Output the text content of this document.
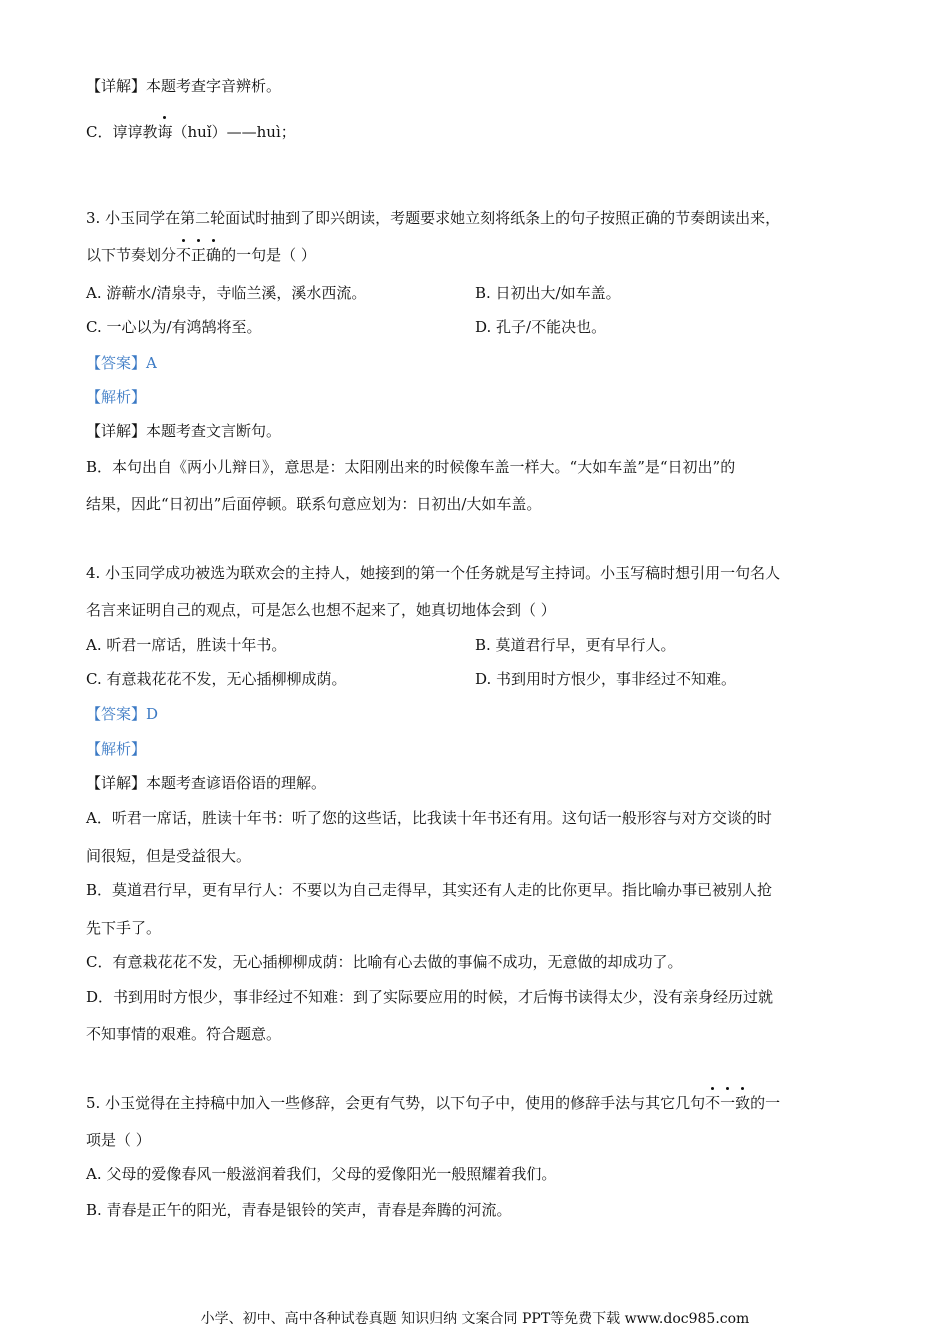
【详解】本题考查字音辨析。
C．谆谆教诲（huǐ）——huì；
3. 小玉同学在第二轮面试时抽到了即兴朗读，考题要求她立刻将纸条上的句子按照正确的节奏朗读出来，
以下节奏划分不正确的一句是（ ）
A. 游蕲水/清泉寺，寺临兰溪，溪水西流。	B. 日初出大/如车盖。
C. 一心以为/有鸿鹄将至。	D. 孔子/不能决也。
【答案】A
【解析】
【详解】本题考查文言断句。
B．本句出自《两小儿辩日》，意思是：太阳刚出来的时候像车盖一样大。“大如车盖”是“日初出”的
结果，因此“日初出”后面停顿。联系句意应划为：日初出/大如车盖。
4. 小玉同学成功被选为联欢会的主持人，她接到的第一个任务就是写主持词。小玉写稿时想引用一句名人
名言来证明自己的观点，可是怎么也想不起来了，她真切地体会到（ ）
A. 听君一席话，胜读十年书。	B. 莫道君行早，更有早行人。
C. 有意栽花花不发，无心插柳柳成荫。	D. 书到用时方恨少，事非经过不知难。
【答案】D
【解析】
【详解】本题考查谚语俗语的理解。
A．听君一席话，胜读十年书：听了您的这些话，比我读十年书还有用。这句话一般形容与对方交谈的时
间很短，但是受益很大。
B．莫道君行早，更有早行人：不要以为自己走得早，其实还有人走的比你更早。指比喻办事已被别人抢
先下手了。
C．有意栽花花不发，无心插柳柳成荫：比喻有心去做的事偏不成功，无意做的却成功了。
D．书到用时方恨少，事非经过不知难：到了实际要应用的时候，才后悔书读得太少，没有亲身经历过就
不知事情的艰难。符合题意。
5. 小玉觉得在主持稿中加入一些修辞，会更有气势，以下句子中，使用的修辞手法与其它几句不一致的一
项是（ ）
A. 父母的爱像春风一般滋润着我们，父母的爱像阳光一般照耀着我们。
B. 青春是正午的阳光，青春是银铃的笑声，青春是奔腾的河流。
小学、初中、高中各种试卷真题 知识归纳 文案合同 PPT等免费下载 www.doc985.com
